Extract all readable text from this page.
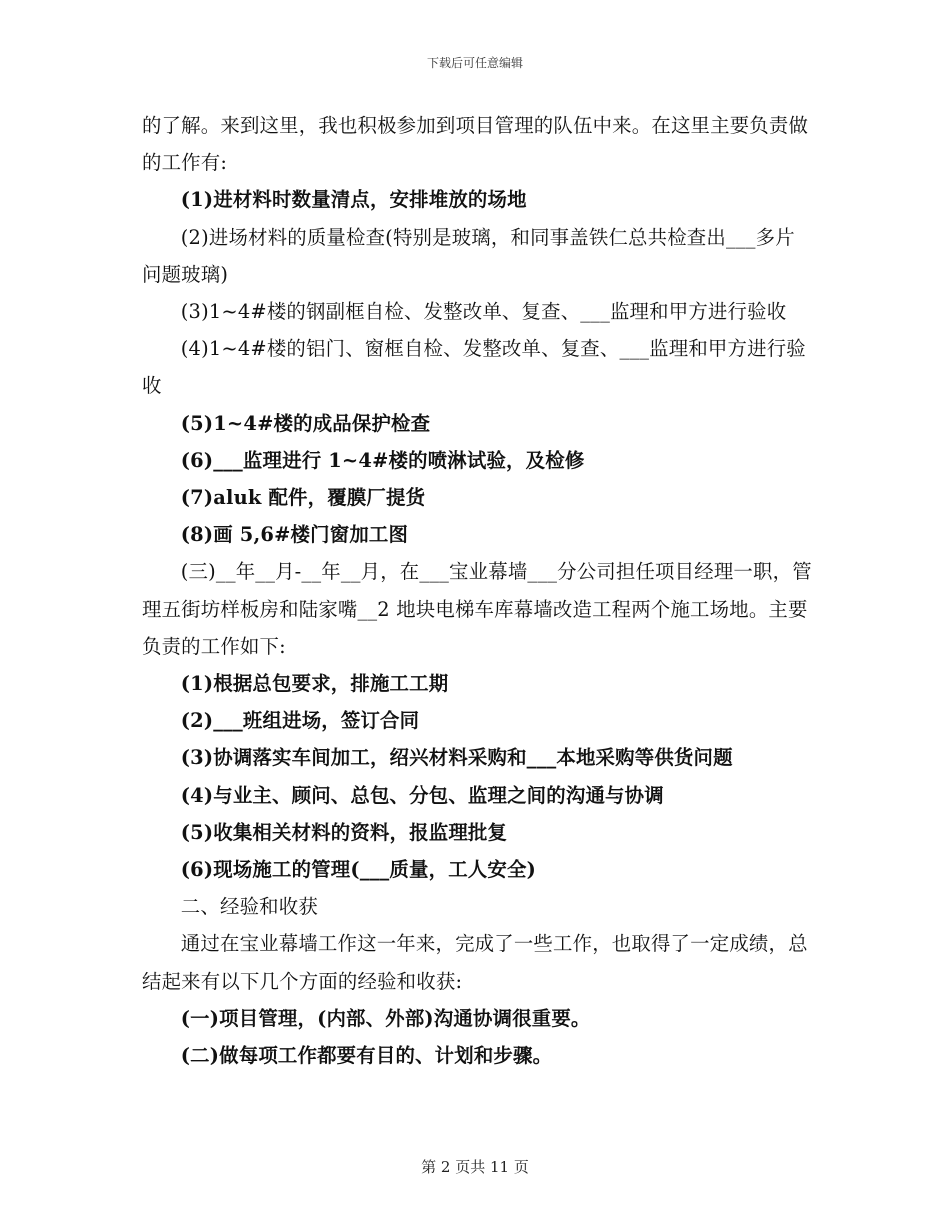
下载后可任意编辑

的了解。来到这里，我也积极参加到项目管理的队伍中来。在这里主要负责做的工作有:

(1)进材料时数量清点，安排堆放的场地

(2)进场材料的质量检查(特别是玻璃，和同事盖铁仁总共检查出___多片问题玻璃)

(3)1~4#楼的钢副框自检、发整改单、复查、___监理和甲方进行验收

(4)1~4#楼的铝门、窗框自检、发整改单、复查、___监理和甲方进行验收

(5)1~4#楼的成品保护检查

(6)___监理进行 1~4#楼的喷淋试验，及检修

(7)aluk 配件，覆膜厂提货

(8)画 5,6#楼门窗加工图

(三)__年__月-__年__月，在___宝业幕墙___分公司担任项目经理一职，管理五街坊样板房和陆家嘴__2 地块电梯车库幕墙改造工程两个施工场地。主要负责的工作如下:

(1)根据总包要求，排施工工期

(2)___班组进场，签订合同

(3)协调落实车间加工，绍兴材料采购和___本地采购等供货问题

(4)与业主、顾问、总包、分包、监理之间的沟通与协调

(5)收集相关材料的资料，报监理批复

(6)现场施工的管理(___质量，工人安全)

二、经验和收获

通过在宝业幕墙工作这一年来，完成了一些工作，也取得了一定成绩，总结起来有以下几个方面的经验和收获:

(一)项目管理，(内部、外部)沟通协调很重要。

(二)做每项工作都要有目的、计划和步骤。

第 2 页共 11 页
